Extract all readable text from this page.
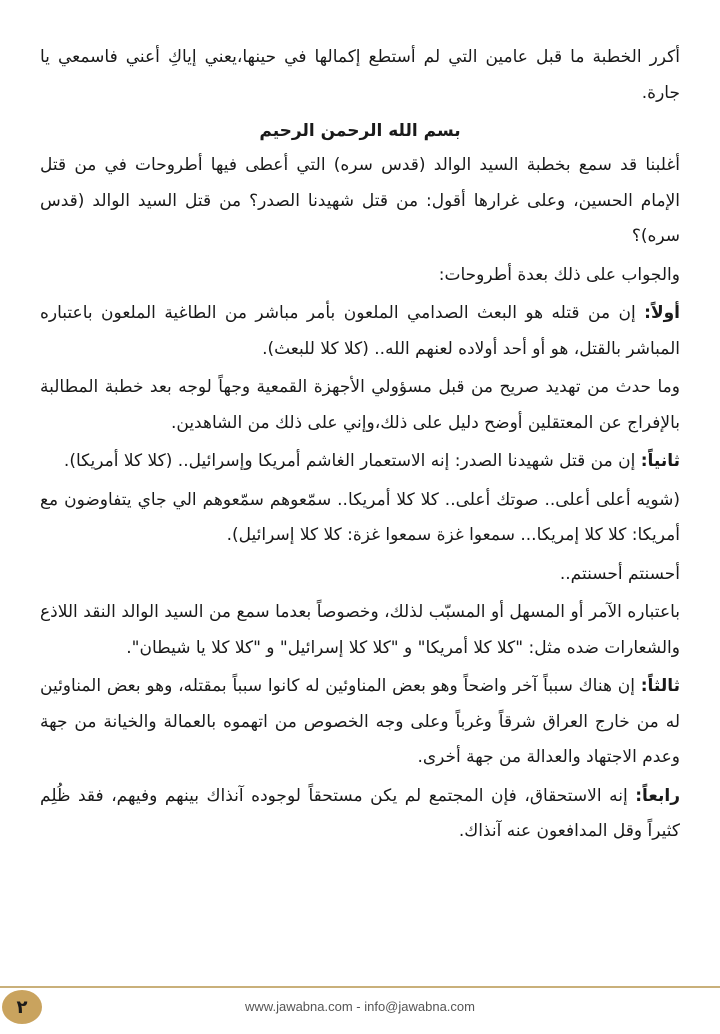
أكرر الخطبة ما قبل عامين التي لم أستطع إكمالها في حينها،يعني إياكِ أعني فاسمعي يا جارة.

بسم الله الرحمن الرحيم

أغلبنا قد سمع بخطبة السيد الوالد (قدس سره) التي أعطى فيها أطروحات في من قتل الإمام الحسين، وعلى غرارها أقول: من قتل شهيدنا الصدر؟ من قتل السيد الوالد (قدس سره)؟

والجواب على ذلك بعدة أطروحات:

أولاً: إن من قتله هو البعث الصدامي الملعون بأمر مباشر من الطاغية الملعون باعتباره المباشر بالقتل، هو أو أحد أولاده لعنهم الله.. (كلا كلا للبعث).

وما حدث من تهديد صريح من قبل مسؤولي الأجهزة القمعية وجهاً لوجه بعد خطبة المطالبة بالإفراج عن المعتقلين أوضح دليل على ذلك،وإني على ذلك من الشاهدين.

ثانياً: إن من قتل شهيدنا الصدر: إنه الاستعمار الغاشم أمريكا وإسرائيل.. (كلا كلا أمريكا).

(شويه أعلى أعلى.. صوتك أعلى.. كلا كلا أمريكا.. سمّعوهم سمّعوهم الي جاي يتفاوضون مع أمريكا: كلا كلا إمريكا... سمعوا غزة سمعوا غزة: كلا كلا إسرائيل).

أحسنتم أحسنتم..

باعتباره الآمر أو المسهل أو المسبّب لذلك، وخصوصاً بعدما سمع من السيد الوالد النقد اللاذع والشعارات ضده مثل: "كلا كلا أمريكا" و "كلا كلا إسرائيل" و "كلا كلا يا شيطان".

ثالثاً: إن هناك سبباً آخر واضحاً وهو بعض المناوئين له كانوا سبباً بمقتله، وهو بعض المناوئين له من خارج العراق شرقاً وغرباً وعلى وجه الخصوص من اتهموه بالعمالة والخيانة من جهة وعدم الاجتهاد والعدالة من جهة أخرى.

رابعاً: إنه الاستحقاق، فإن المجتمع لم يكن مستحقاً لوجوده آنذاك بينهم وفيهم، فقد ظُلِم كثيراً وقل المدافعون عنه آنذاك.

www.jawabna.com - info@jawabna.com
٢
